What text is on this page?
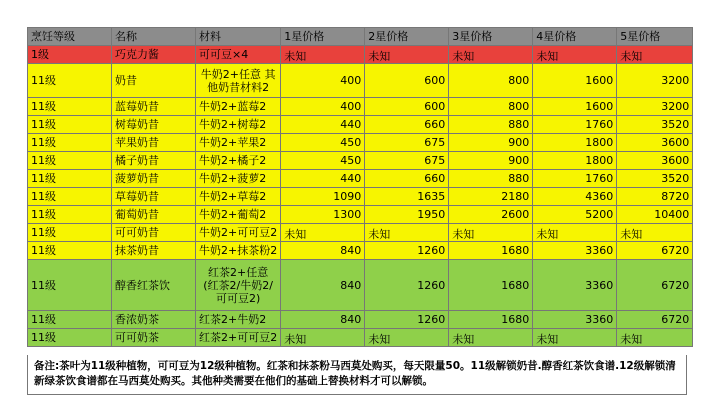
烹饪等级	名称	材料	1星价格	2星价格	3星价格	4星价格	5星价格
1级	巧克力酱	可可豆×4	未知	未知	未知	未知	未知
11级	奶昔	牛奶2+任意 其他奶昔材料2	400	600	800	1600	3200
11级	蓝莓奶昔	牛奶2+蓝莓2	400	600	800	1600	3200
11级	树莓奶昔	牛奶2+树莓2	440	660	880	1760	3520
11级	苹果奶昔	牛奶2+苹果2	450	675	900	1800	3600
11级	橘子奶昔	牛奶2+橘子2	450	675	900	1800	3600
11级	菠萝奶昔	牛奶2+菠萝2	440	660	880	1760	3520
11级	草莓奶昔	牛奶2+草莓2	1090	1635	2180	4360	8720
11级	葡萄奶昔	牛奶2+葡萄2	1300	1950	2600	5200	10400
11级	可可奶昔	牛奶2+可可豆2	未知	未知	未知	未知	未知
11级	抹茶奶昔	牛奶2+抹茶粉2	840	1260	1680	3360	6720
11级	醇香红茶饮	红茶2+任意 (红茶2/牛奶2/ 可可豆2)	840	1260	1680	3360	6720
11级	香浓奶茶	红茶2+牛奶2	840	1260	1680	3360	6720
11级	可可奶茶	红茶2+可可豆2	未知	未知	未知	未知	未知
备注:茶叶为11级种植物，可可豆为12级种植物。红茶和抹茶粉马西莫处购买，每天限量50。11级解锁奶昔.醇香红茶饮食谱.12级解锁清新绿茶饮食谱都在马西莫处购买。其他种类需要在他们的基础上替换材料才可以解锁。
